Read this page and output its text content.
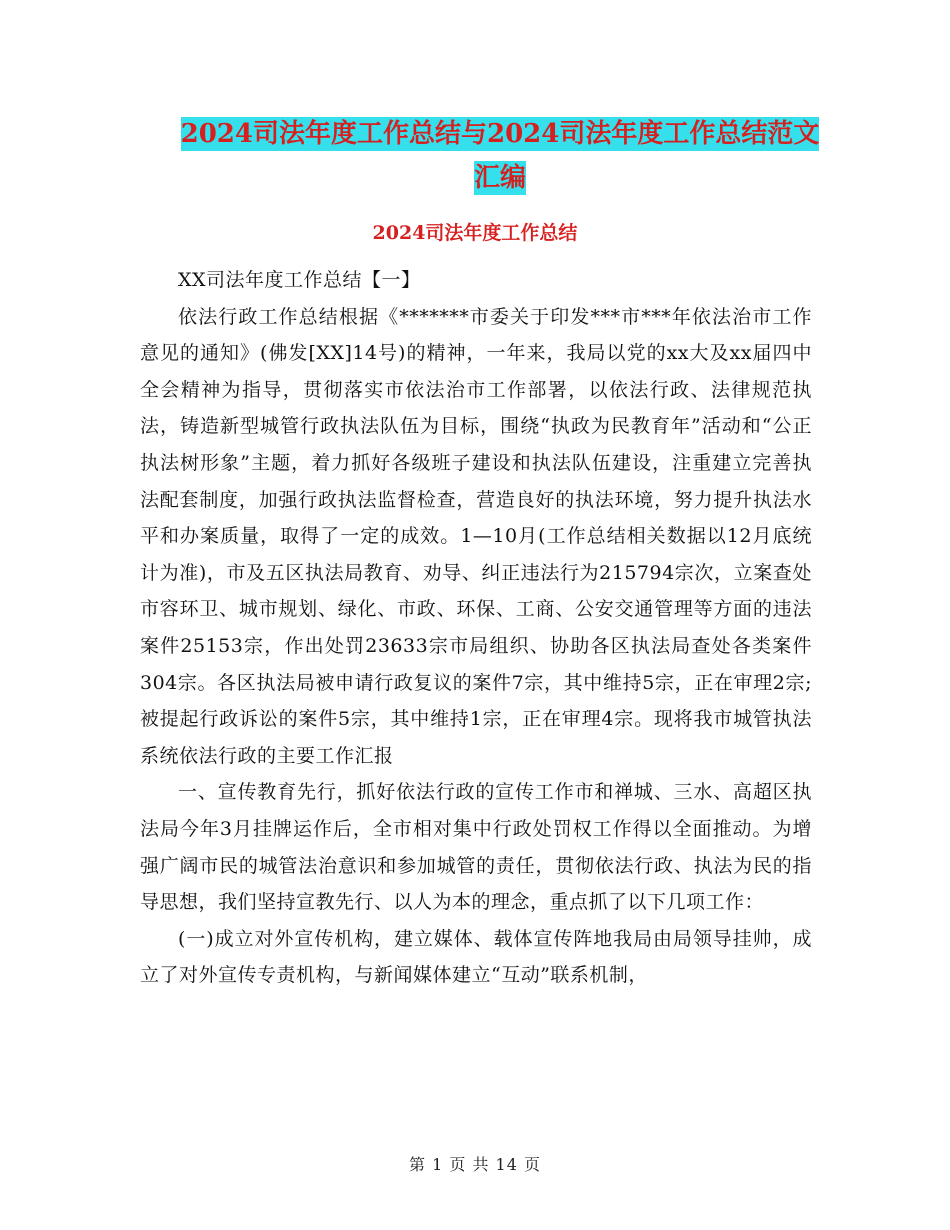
2024司法年度工作总结与2024司法年度工作总结范文
汇编
2024司法年度工作总结

XX司法年度工作总结【一】

依法行政工作总结根据《*******市委关于印发***市***年依法治市工作意见的通知》(佛发[XX]14号)的精神，一年来，我局以党的xx大及xx届四中全会精神为指导，贯彻落实市依法治市工作部署，以依法行政、法律规范执法，铸造新型城管行政执法队伍为目标，围绕“执政为民教育年”活动和“公正执法树形象”主题，着力抓好各级班子建设和执法队伍建设，注重建立完善执法配套制度，加强行政执法监督检查，营造良好的执法环境，努力提升执法水平和办案质量，取得了一定的成效。1—10月(工作总结相关数据以12月底统计为准)，市及五区执法局教育、劝导、纠正违法行为215794宗次，立案查处市容环卫、城市规划、绿化、市政、环保、工商、公安交通管理等方面的违法案件25153宗，作出处罚23633宗市局组织、协助各区执法局查处各类案件304宗。各区执法局被申请行政复议的案件7宗，其中维持5宗，正在审理2宗;被提起行政诉讼的案件5宗，其中维持1宗，正在审理4宗。现将我市城管执法系统依法行政的主要工作汇报

一、宣传教育先行，抓好依法行政的宣传工作市和禅城、三水、高超区执法局今年3月挂牌运作后，全市相对集中行政处罚权工作得以全面推动。为增强广阔市民的城管法治意识和参加城管的责任，贯彻依法行政、执法为民的指导思想，我们坚持宣教先行、以人为本的理念，重点抓了以下几项工作：

(一)成立对外宣传机构，建立媒体、载体宣传阵地我局由局领导挂帅，成立了对外宣传专责机构，与新闻媒体建立“互动”联系机制，

第 1 页 共 14 页
